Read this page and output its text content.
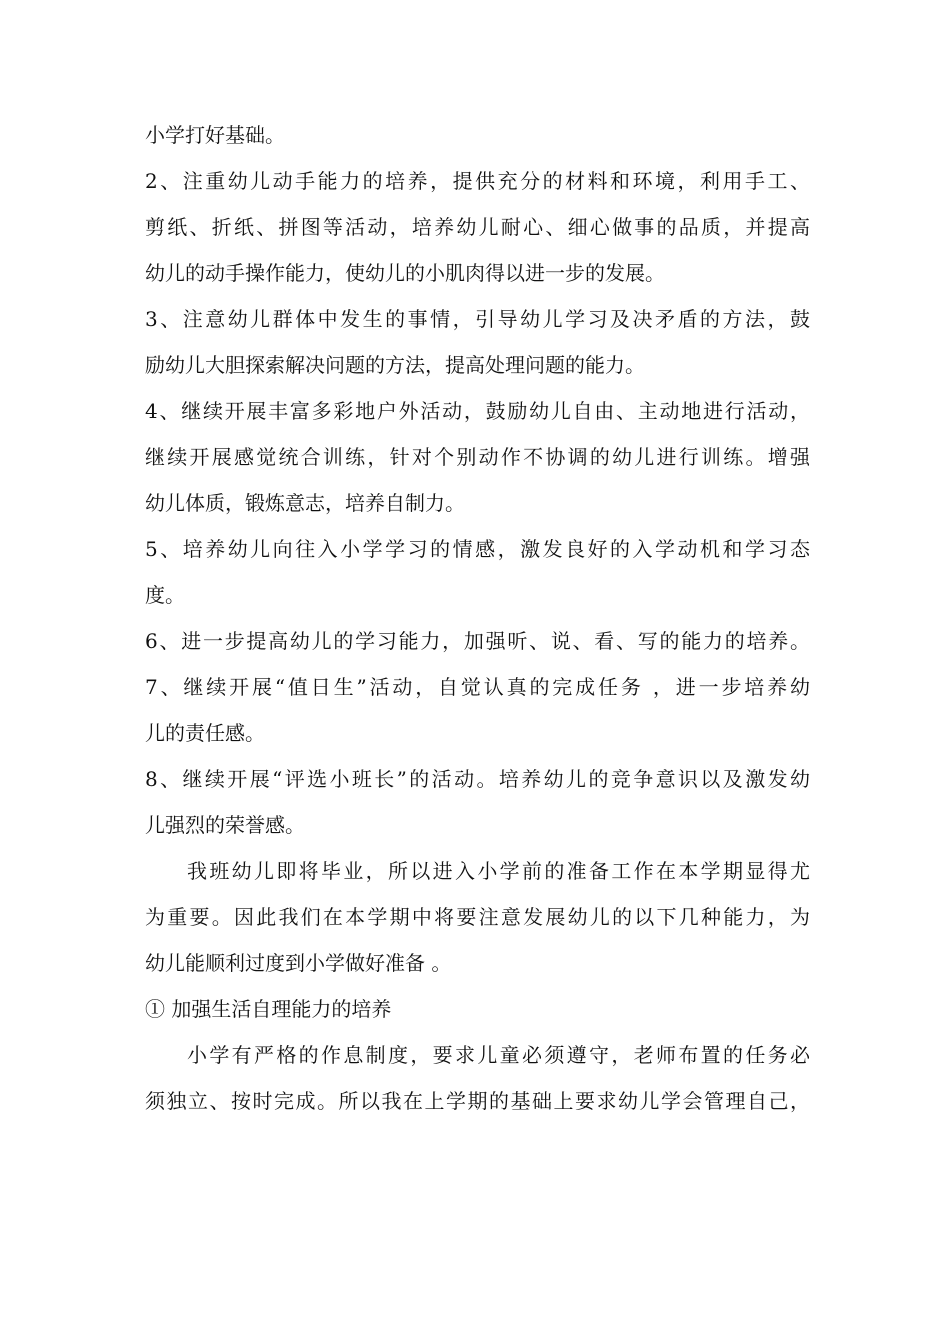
小学打好基础。
2、注重幼儿动手能力的培养，提供充分的材料和环境，利用手工、
剪纸、折纸、拼图等活动，培养幼儿耐心、细心做事的品质，并提高
幼儿的动手操作能力，使幼儿的小肌肉得以进一步的发展。
3、注意幼儿群体中发生的事情，引导幼儿学习及决矛盾的方法，鼓
励幼儿大胆探索解决问题的方法，提高处理问题的能力。
4、继续开展丰富多彩地户外活动，鼓励幼儿自由、主动地进行活动，
继续开展感觉统合训练，针对个别动作不协调的幼儿进行训练。增强
幼儿体质，锻炼意志，培养自制力。
5、培养幼儿向往入小学学习的情感，激发良好的入学动机和学习态
度。
6、进一步提高幼儿的学习能力，加强听、说、看、写的能力的培养。
7、继续开展“值日生”活动，自觉认真的完成任务 ，进一步培养幼
儿的责任感。
8、继续开展“评选小班长”的活动。培养幼儿的竞争意识以及激发幼
儿强烈的荣誉感。
我班幼儿即将毕业，所以进入小学前的准备工作在本学期显得尤
为重要。因此我们在本学期中将要注意发展幼儿的以下几种能力，为
幼儿能顺利过度到小学做好准备 。
① 加强生活自理能力的培养
小学有严格的作息制度，要求儿童必须遵守，老师布置的任务必
须独立、按时完成。所以我在上学期的基础上要求幼儿学会管理自己，
